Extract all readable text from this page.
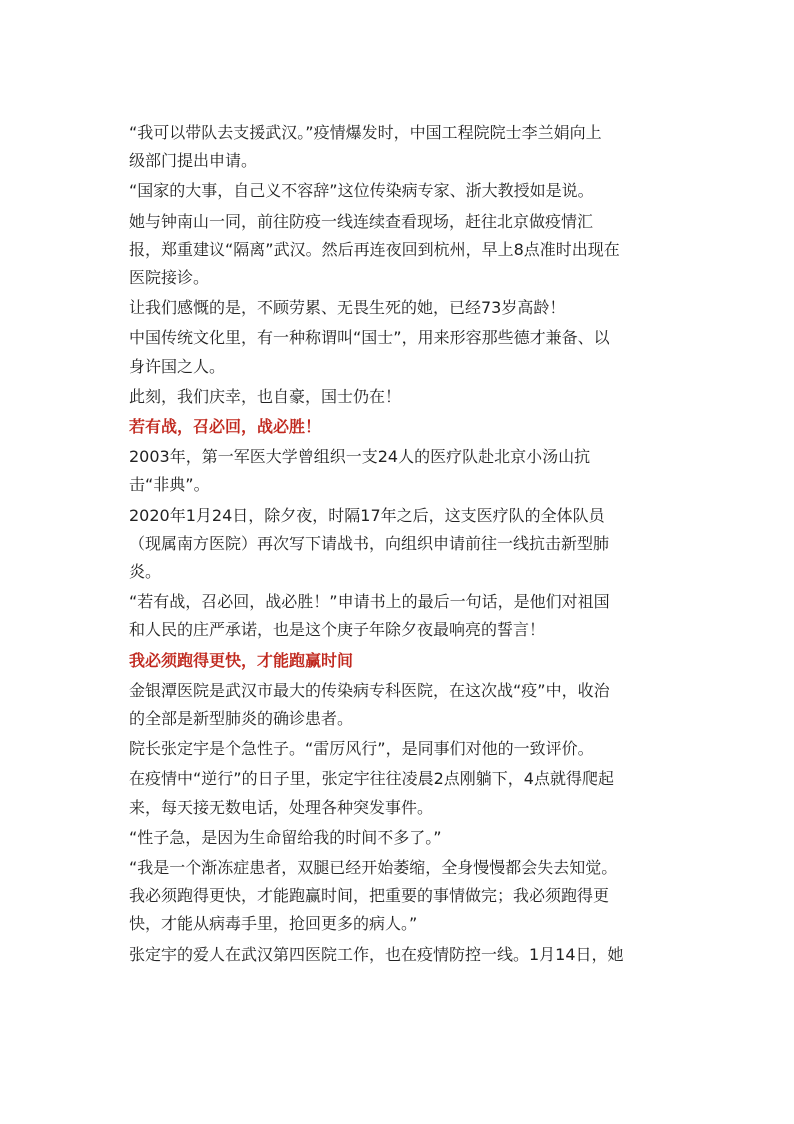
“我可以带队去支援武汉。”疫情爆发时，中国工程院院士李兰娟向上
级部门提出申请。
“国家的大事，自己义不容辞”这位传染病专家、浙大教授如是说。
她与钟南山一同，前往防疫一线连续查看现场，赶往北京做疫情汇
报，郑重建议“隔离”武汉。然后再连夜回到杭州，早上8点准时出现在
医院接诊。
让我们感慨的是，不顾劳累、无畏生死的她，已经73岁高龄！
中国传统文化里，有一种称谓叫“国士”，用来形容那些德才兼备、以
身许国之人。
此刻，我们庆幸，也自豪，国士仍在！
若有战，召必回，战必胜！
2003年，第一军医大学曾组织一支24人的医疗队赴北京小汤山抗
击“非典”。
2020年1月24日，除夕夜，时隔17年之后，这支医疗队的全体队员
（现属南方医院）再次写下请战书，向组织申请前往一线抗击新型肺
炎。
“若有战，召必回，战必胜！”申请书上的最后一句话，是他们对祖国
和人民的庄严承诺，也是这个庚子年除夕夜最响亮的誓言！
我必须跑得更快，才能跑赢时间
金银潭医院是武汉市最大的传染病专科医院，在这次战“疫”中，收治
的全部是新型肺炎的确诊患者。
院长张定宇是个急性子。“雷厉风行”，是同事们对他的一致评价。
在疫情中“逆行”的日子里，张定宇往往凌晨2点刚躺下，4点就得爬起
来，每天接无数电话，处理各种突发事件。
“性子急，是因为生命留给我的时间不多了。”
“我是一个渐冻症患者，双腿已经开始萎缩，全身慢慢都会失去知觉。
我必须跑得更快，才能跑赢时间，把重要的事情做完；我必须跑得更
快，才能从病毒手里，抢回更多的病人。”
张定宇的爱人在武汉第四医院工作，也在疫情防控一线。1月14日，她
